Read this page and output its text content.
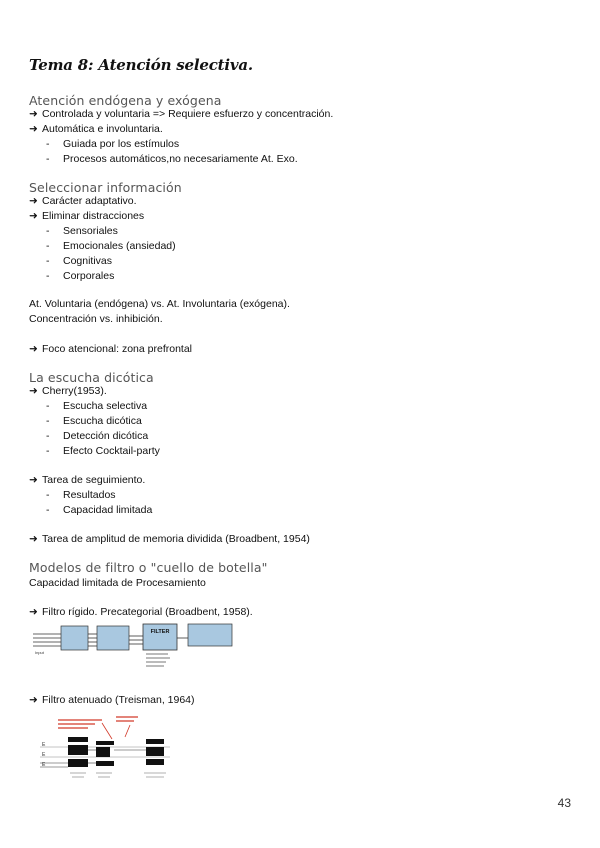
Tema 8: Atención selectiva.
Atención endógena y exógena
➜ Controlada y voluntaria => Requiere esfuerzo y concentración.
➜ Automática e involuntaria.
- Guiada por los estímulos
- Procesos automáticos,no necesariamente At. Exo.
Seleccionar información
➜ Carácter adaptativo.
➜ Eliminar distracciones
- Sensoriales
- Emocionales (ansiedad)
- Cognitivas
- Corporales
At. Voluntaria (endógena) vs. At. Involuntaria (exógena).
Concentración vs. inhibición.
➜ Foco atencional: zona prefrontal
La escucha dicótica
➜ Cherry(1953).
- Escucha selectiva
- Escucha dicótica
- Detección dicótica
- Efecto Cocktail-party
➜ Tarea de seguimiento.
- Resultados
- Capacidad limitada
➜ Tarea de amplitud de memoria dividida (Broadbent, 1954)
Modelos de filtro o "cuello de botella"
Capacidad limitada de Procesamiento
➜ Filtro rígido. Precategorial (Broadbent, 1958).
FILTER
Input
➜ Filtro atenuado (Treisman, 1964)
E
E
E
43
